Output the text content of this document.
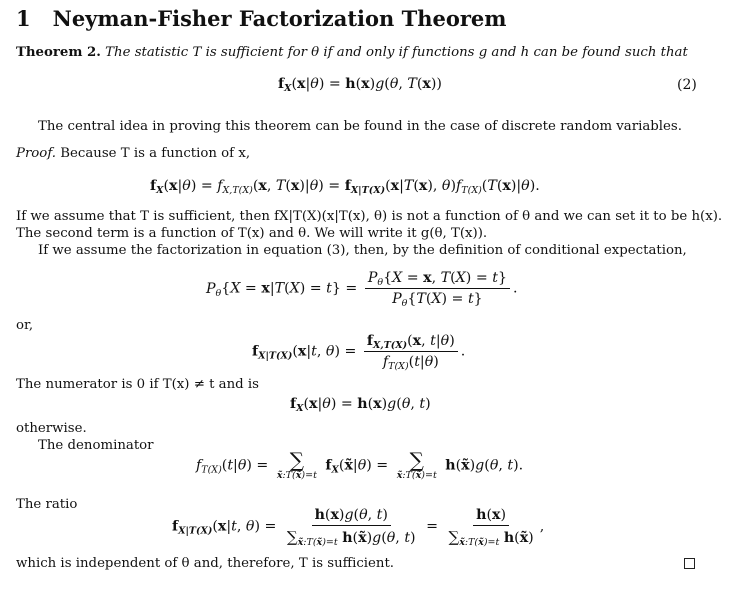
1 Neyman-Fisher Factorization Theorem
Theorem 2. The statistic T is sufficient for θ if and only if functions g and h can be found such that
$f_X(x|\theta) = h(x)g(\theta$, T(x))	(2)
The central idea in proving this theorem can be found in the case of discrete random variables.
Proof. Because T is a function of x,
$f_X(x|\theta) = f_{X,T(X)}(x$, $T(x)|\theta) = f_{X|T(X)}(x|T(x)$, $\theta)f_{T(X)}(T(x)|\theta)$.
If we assume that T is sufficient, then fX|T(X)(x|T(x), θ) is not a function of θ and we can set it to be h(x).
The second term is a function of T(x) and θ. We will write it g(θ, T(x)).
If we assume the factorization in equation (3), then, by the definition of conditional expectation,
$P_\theta\{X = x|T(X) = t\} = \frac{P_\theta\{X = x, T(X) = t\}}{P_\theta\{T(X) = t\}}$ .
or,
$f_{X|T(X)}(x|t$, $\theta) = \frac{f_{X,T(X)}(x, t|\theta)}{f_{T(X)}(t|\theta)}$ .
The numerator is 0 if T(x) ≠ t and is
$f_X(x|\theta) = h(x)g(\theta$, t)
otherwise.
The denominator
$f_{T(X)}(t|\theta)$ = ∑
x̃:T(x̃)=t
$f_X(x̃|\theta)$ = ∑
x̃:T(x̃)=t
h(x̃)g(θ, t).
The ratio
$f_{X|T(X)}(x|t$, $\theta) = \frac{h(x)g(\theta, t)}{\sum_{x̃:T(x̃)=t} h(x̃)g(\theta, t)} = \frac{h(x)}{\sum_{x̃:T(x̃)=t} h(x̃)}$ ,
which is independent of θ and, therefore, T is sufficient.
